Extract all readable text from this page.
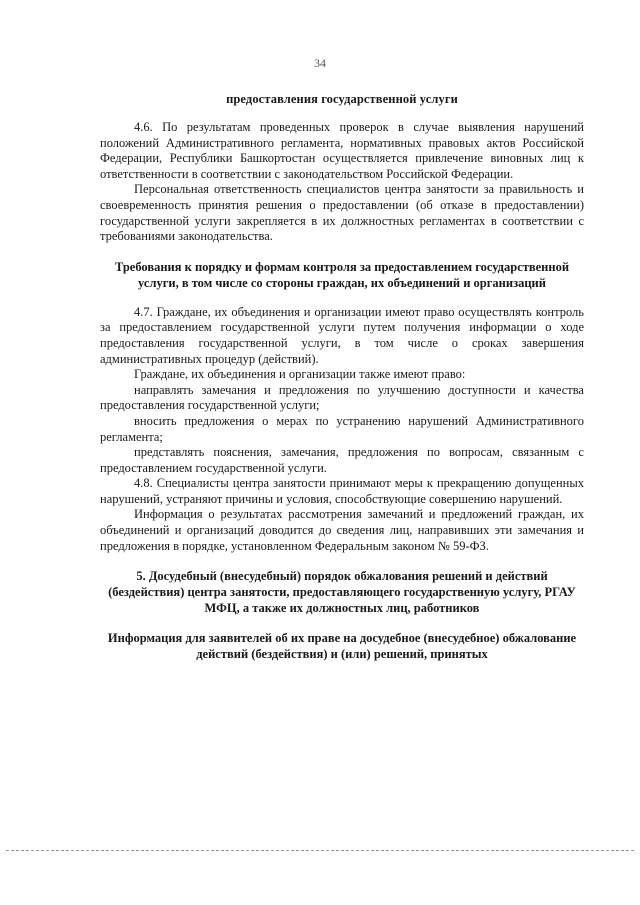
34

предоставления государственной услуги

4.6. По результатам проведенных проверок в случае выявления нарушений положений Административного регламента, нормативных правовых актов Российской Федерации, Республики Башкортостан осуществляется привлечение виновных лиц к ответственности в соответствии с законодательством Российской Федерации.

Персональная ответственность специалистов центра занятости за правильность и своевременность принятия решения о предоставлении (об отказе в предоставлении) государственной услуги закрепляется в их должностных регламентах в соответствии с требованиями законодательства.

Требования к порядку и формам контроля за предоставлением государственной услуги, в том числе со стороны граждан, их объединений и организаций

4.7. Граждане, их объединения и организации имеют право осуществлять контроль за предоставлением государственной услуги путем получения информации о ходе предоставления государственной услуги, в том числе о сроках завершения административных процедур (действий).

Граждане, их объединения и организации также имеют право:

направлять замечания и предложения по улучшению доступности и качества предоставления государственной услуги;

вносить предложения о мерах по устранению нарушений Административного регламента;

представлять пояснения, замечания, предложения по вопросам, связанным с предоставлением государственной услуги.

4.8. Специалисты центра занятости принимают меры к прекращению допущенных нарушений, устраняют причины и условия, способствующие совершению нарушений.

Информация о результатах рассмотрения замечаний и предложений граждан, их объединений и организаций доводится до сведения лиц, направивших эти замечания и предложения в порядке, установленном Федеральным законом № 59-ФЗ.

5. Досудебный (внесудебный) порядок обжалования решений и действий (бездействия) центра занятости, предоставляющего государственную услугу, РГАУ МФЦ, а также их должностных лиц, работников

Информация для заявителей об их праве на досудебное (внесудебное) обжалование действий (бездействия) и (или) решений, принятых
